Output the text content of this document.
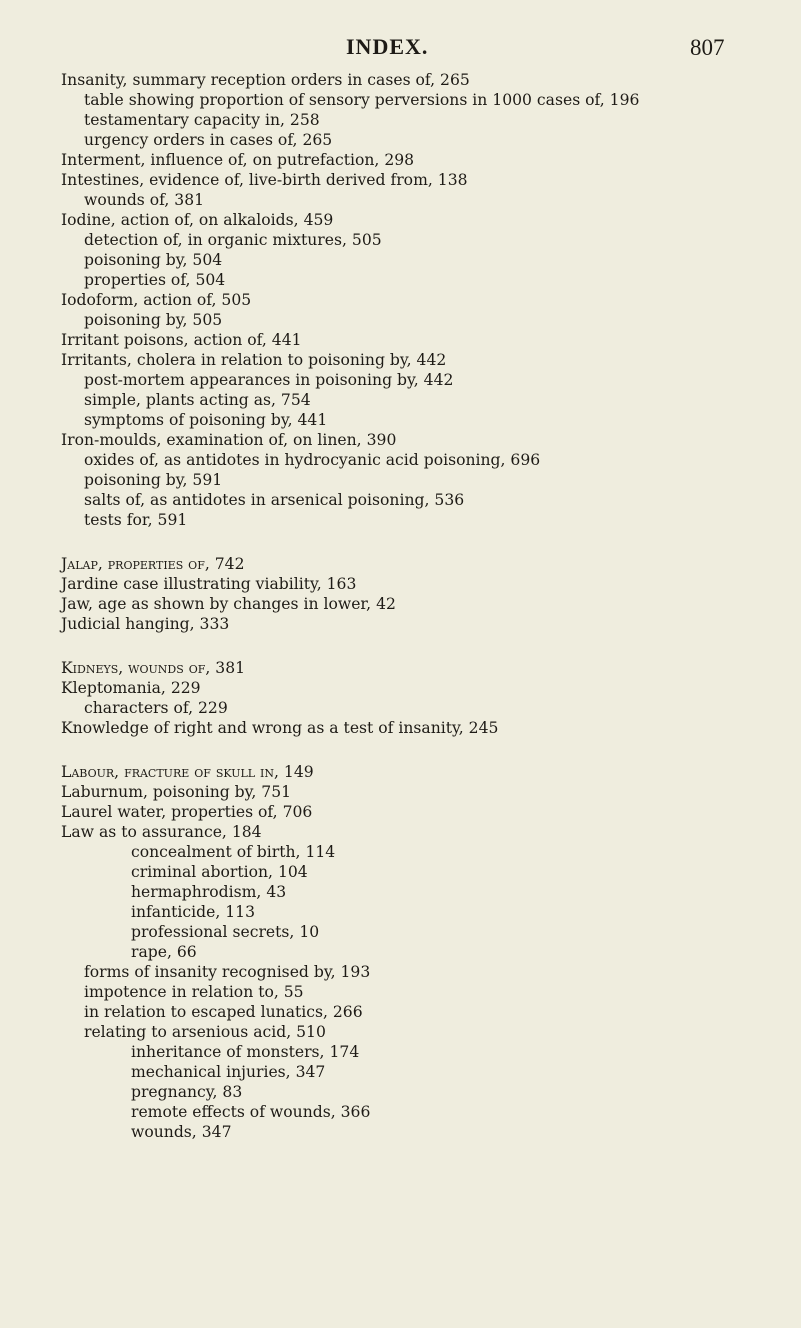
INDEX.	807
Insanity, summary reception orders in cases of, 265
table showing proportion of sensory perversions in 1000 cases of, 196
testamentary capacity in, 258
urgency orders in cases of, 265
Interment, influence of, on putrefaction, 298
Intestines, evidence of, live-birth derived from, 138
wounds of, 381
Iodine, action of, on alkaloids, 459
detection of, in organic mixtures, 505
poisoning by, 504
properties of, 504
Iodoform, action of, 505
poisoning by, 505
Irritant poisons, action of, 441
Irritants, cholera in relation to poisoning by, 442
post-mortem appearances in poisoning by, 442
simple, plants acting as, 754
symptoms of poisoning by, 441
Iron-moulds, examination of, on linen, 390
oxides of, as antidotes in hydrocyanic acid poisoning, 696
poisoning by, 591
salts of, as antidotes in arsenical poisoning, 536
tests for, 591
Jalap, properties of, 742
Jardine case illustrating viability, 163
Jaw, age as shown by changes in lower, 42
Judicial hanging, 333
Kidneys, wounds of, 381
Kleptomania, 229
characters of, 229
Knowledge of right and wrong as a test of insanity, 245
Labour, fracture of skull in, 149
Laburnum, poisoning by, 751
Laurel water, properties of, 706
Law as to assurance, 184
concealment of birth, 114
criminal abortion, 104
hermaphrodism, 43
infanticide, 113
professional secrets, 10
rape, 66
forms of insanity recognised by, 193
impotence in relation to, 55
in relation to escaped lunatics, 266
relating to arsenious acid, 510
inheritance of monsters, 174
mechanical injuries, 347
pregnancy, 83
remote effects of wounds, 366
wounds, 347
